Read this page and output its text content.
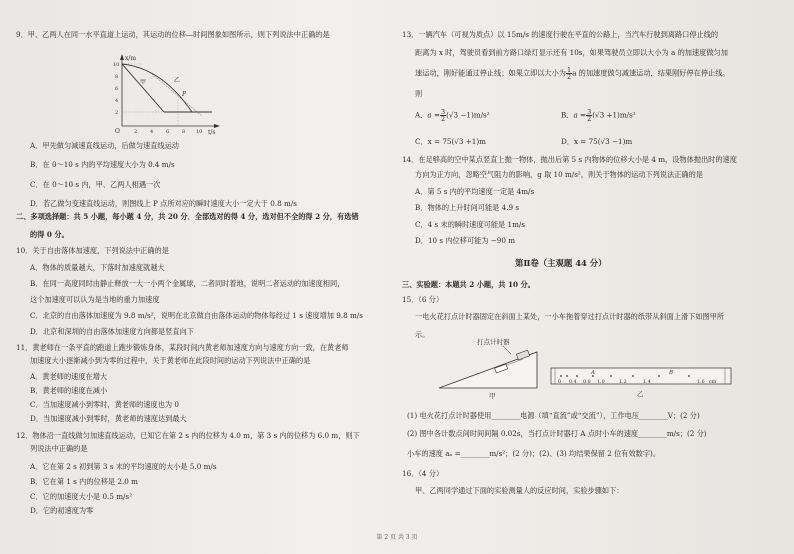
9．甲、乙两人在同一水平直道上运动，其运动的位移—时间图象如图所示，则下列说法中正确的是
x/m
t/s
O
10
8
6
4
2
2	4	6	8 10
甲	乙
P
A．甲先做匀减速直线运动，后做匀速直线运动
B．在 0～10 s 内的平均速度大小为 0.4 m/s
C．在 0～10 s 内，甲、乙两人相遇一次
D．若乙做匀变速直线运动，则图线上 P 点所对应的瞬时速度大小一定大于 0.8 m/s
二、多项选择题：共 5 小题，每小题 4 分，共 20 分．全部选对的得 4 分，选对但不全的得 2 分，有选错
的得 0 分。
10．关于自由落体加速度，下列说法中正确的是
A．物体的质量越大，下落时加速度就越大
B．在同一高度同时由静止释放一大一小两个金属球，二者同时着地，说明二者运动的加速度相同，
这个加速度可以认为是当地的重力加速度
C．北京的自由落体加速度为 9.8 m/s²，说明在北京做自由落体运动的物体每经过 1 s 速度增加 9.8 m/s
D．北京和深圳的自由落体加速度方向都是竖直向下
11．黄老师在一条平直的跑道上跑步锻炼身体，某段时间内黄老师加速度方向与速度方向一致，在黄老师
加速度大小逐渐减小到为零的过程中，关于黄老师在此段时间的运动下列说法中正确的是
A．黄老师的速度在增大
B．黄老师的速度在减小
C．当加速度减小到零时，黄老师的速度也为 0
D．当加速度减小到零时，黄老师的速度达到最大
12．物体沿一直线做匀加速直线运动，已知它在第 2 s 内的位移为 4.0 m，第 3 s 内的位移为 6.0 m，则下
列说法中正确的是
A．它在第 2 s 初到第 3 s 末的平均速度的大小是 5.0 m/s
B．它在第 1 s 内的位移是 2.0 m
C．它的加速度大小是 0.5 m/s²
D．它的初速度为零
13．一辆汽车（可视为质点）以 15m/s 的速度行驶在平直的公路上，当汽车行驶到离路口停止线的
距离为 x 时，驾驶员看到前方路口绿灯显示还有 10s，如果驾驶员立即以大小为 a 的加速度做匀加
速运动，刚好能通过停止线；如果立即以大小为 $\frac{1}{2}$ a 的加速度做匀减速运动，结果刚好停在停止线。
则
A．$a = \frac{3}{2} (√3 -1)m/s^2$	B．$a = \frac{3}{2} (√3 +1)m/s^2$
C．x = 75(√3 +1)m	D．x = 75(√3 −1)m
14．在足够高的空中某点竖直上抛一物体，抛出后第 5 s 内物体的位移大小是 4 m，设物体抛出时的速度
方向为正方向，忽略空气阻力的影响，g 取 10 m/s²，则关于物体的运动下列说法正确的是
A．第 5 s 内的平均速度一定是 4m/s
B．物体的上升时间可能是 4.9 s
C．4 s 末的瞬时速度可能是 1m/s
D．10 s 内位移可能为 −90 m
第Ⅱ卷（主观题 44 分）
三、实验题：本题共 2 小题，共 10 分。
15．（6 分）
一电火花打点计时器固定在斜面上某处，一小车拖着穿过打点计时器的纸带从斜面上滑下如图甲所
示。
打点计时器
甲
0 0.4 0.8 1.0	1.2	1.4	1.6 cm
A	B
乙
(1) 电火花打点计时器使用________电源（填“直流”或“交流”），工作电压________V；(2 分)
(2) 图中各计数点间时间间隔 0.02s，当打点计时器打 A 点时小车的速度________m/s；(2 分)
小车的速度 aₐ =________m/s²；(2 分)；(2)、(3) 均结果保留 2 位有效数字)。
16．（4 分）
甲、乙两同学通过下面的实验测量人的反应时间，实验步骤如下：
第 2 页 共 3 页
